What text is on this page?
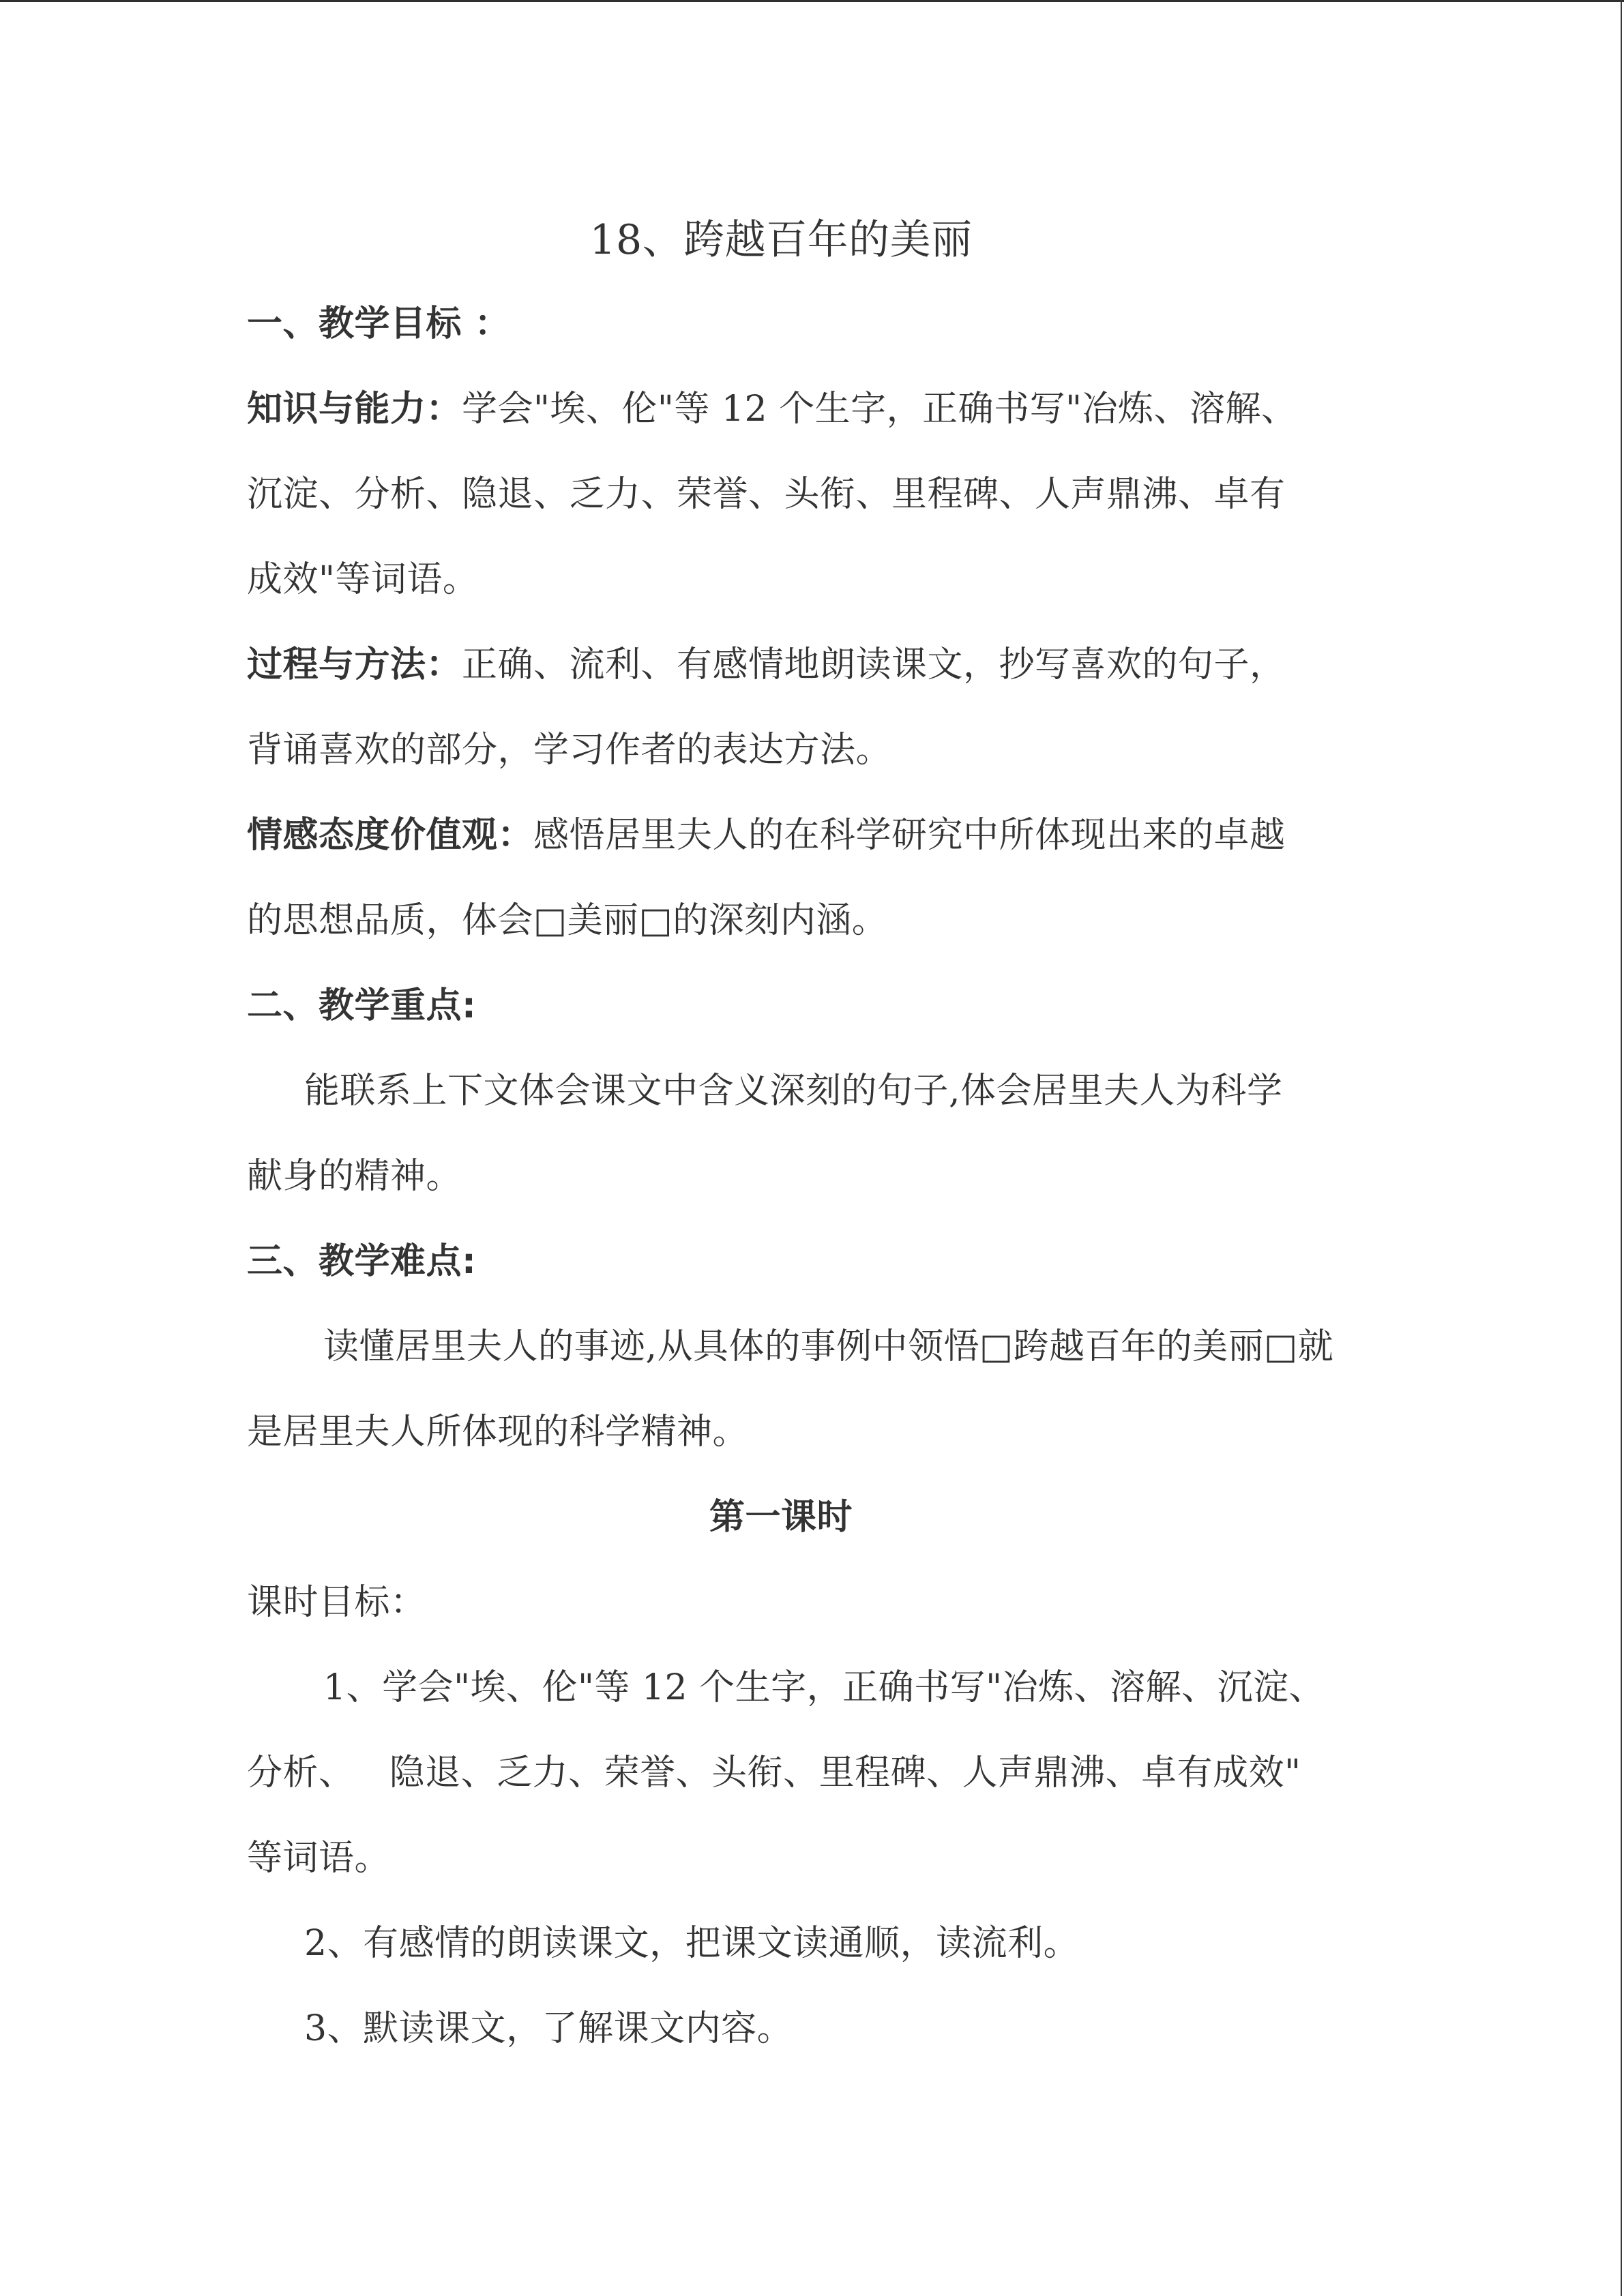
18、跨越百年的美丽
一、教学目标 ：
知识与能力：学会"埃、伦"等 12 个生字，正确书写"冶炼、溶解、
沉淀、分析、隐退、乏力、荣誉、头衔、里程碑、人声鼎沸、卓有
成效"等词语。
过程与方法：正确、流利、有感情地朗读课文，抄写喜欢的句子，
背诵喜欢的部分，学习作者的表达方法。
情感态度价值观：感悟居里夫人的在科学研究中所体现出来的卓越
的思想品质，体会□美丽□的深刻内涵。
二、教学重点:
能联系上下文体会课文中含义深刻的句子,体会居里夫人为科学
献身的精神。
三、教学难点:
读懂居里夫人的事迹,从具体的事例中领悟□跨越百年的美丽□就
是居里夫人所体现的科学精神。
第一课时
课时目标：
1、学会"埃、伦"等 12 个生字，正确书写"冶炼、溶解、沉淀、
分析、   隐退、乏力、荣誉、头衔、里程碑、人声鼎沸、卓有成效"
等词语。
2、有感情的朗读课文，把课文读通顺，读流利。
3、默读课文，了解课文内容。
